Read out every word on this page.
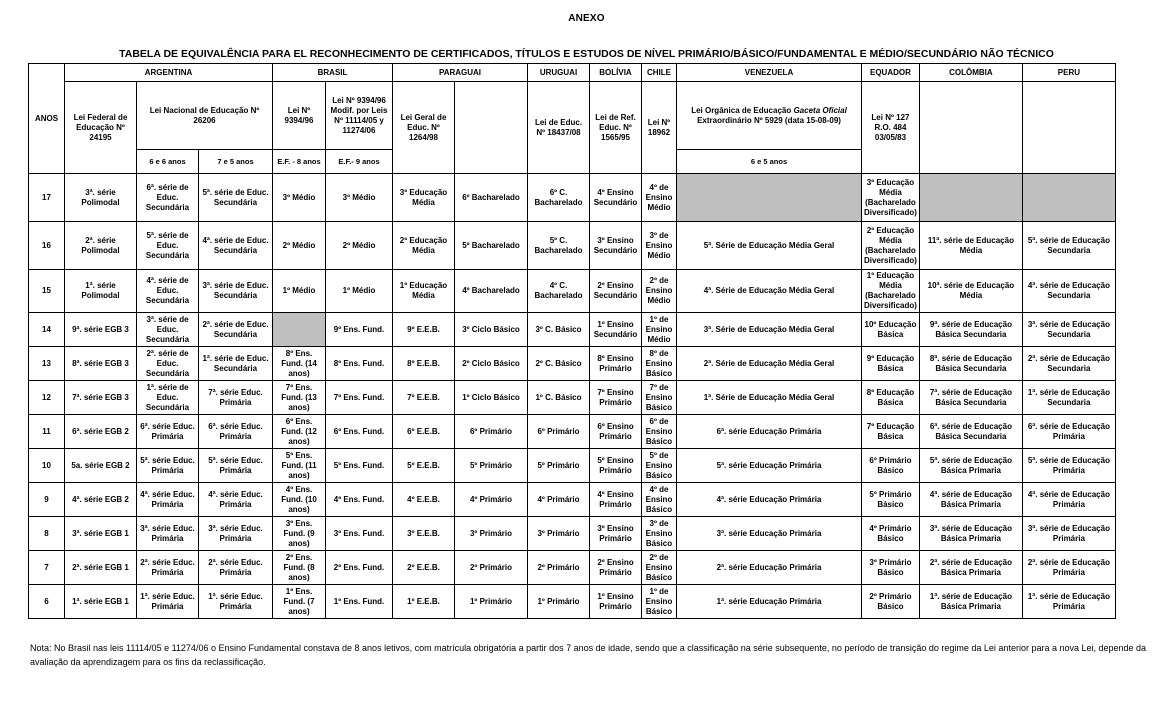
ANEXO
TABELA DE EQUIVALÊNCIA PARA EL RECONHECIMENTO DE CERTIFICADOS, TÍTULOS E ESTUDOS DE NÍVEL PRIMÁRIO/BÁSICO/FUNDAMENTAL E MÉDIO/SECUNDÁRIO NÃO TÉCNICO
ANOS	ARGENTINA			BRASIL		PARAGUAI		URUGUAI	BOLÍVIA	CHILE	VENEZUELA	EQUADOR	COLÔMBIA	PERU
	Lei Federal de Educação Nº 24195	Lei Nacional de Educação Nº 26206		Lei Nº 9394/96	Lei Nº 9394/96 Modif. por Leis Nº 11114/05 y 11274/06	Lei Geral de Educ. Nº 1264/98		Lei de Educ. Nº 18437/08	Lei de Ref. Educ. Nº 1565/95	Lei Nº 18962	Lei Orgânica de Educação Gaceta Oficial Extraordinário Nº 5929 (data 15-08-09)	Lei Nº 127 R.O. 484 03/05/83		
		6 e 6 anos	7 e 5 anos	E.F. - 8 anos	E.F.- 9 anos						6 e 5 anos			
17	3ª. série Polimodal	6ª. série de Educ. Secundária	5ª. série de Educ. Secundária	3º Médio	3º Médio	3º Educação Média	6º Bacharelado	6º C. Bacharelado	4º Ensino Secundário	4º de Ensino Médio		3º Educação Média (Bacharelado Diversificado)		
16	2ª. série Polimodal	5ª. série de Educ. Secundária	4ª. série de Educ. Secundária	2º Médio	2º Médio	2º Educação Média	5º Bacharelado	5º C. Bacharelado	3º Ensino Secundário	3º de Ensino Médio	5ª. Série de Educação Média Geral	2º Educação Média (Bacharelado Diversificado)	11ª. série de Educação Média	5ª. série de Educação Secundaria
15	1ª. série Polimodal	4ª. série de Educ. Secundária	3ª. série de Educ. Secundária	1º Médio	1º Médio	1º Educação Média	4º Bacharelado	4º C. Bacharelado	2º Ensino Secundário	2º de Ensino Médio	4ª. Série de Educação Média Geral	1º Educação Média (Bacharelado Diversificado)	10ª. série de Educação Média	4ª. série de Educação Secundaria
14	9ª. série EGB 3	3ª. série de Educ. Secundária	2ª. série de Educ. Secundária		9º Ens. Fund.	9º E.E.B.	3º Ciclo Básico	3º C. Básico	1º Ensino Secundário	1º de Ensino Médio	3ª. Série de Educação Média Geral	10º Educação Básica	9ª. série de Educação Básica Secundaria	3ª. série de Educação Secundaria
13	8ª. série EGB 3	2ª. série de Educ. Secundária	1ª. série de Educ. Secundária	8º Ens. Fund. (14 anos)	8º Ens. Fund.	8º E.E.B.	2º Ciclo Básico	2º C. Básico	8º Ensino Primário	8º de Ensino Básico	2ª. Série de Educação Média Geral	9º Educação Básica	8ª. série de Educação Básica Secundaria	2ª. série de Educação Secundaria
12	7ª. série EGB 3	1ª. série de Educ. Secundária	7ª. série Educ. Primária	7º Ens. Fund. (13 anos)	7º Ens. Fund.	7º E.E.B.	1º Ciclo Básico	1º C. Básico	7º Ensino Primário	7º de Ensino Básico	1ª. Série de Educação Média Geral	8º Educação Básica	7ª. série de Educação Básica Secundaria	1ª. série de Educação Secundaria
11	6ª. série EGB 2	6ª. série Educ. Primária	6ª. série Educ. Primária	6º Ens. Fund. (12 anos)	6º Ens. Fund.	6º E.E.B.	6º Primário	6º Primário	6º Ensino Primário	6º de Ensino Básico	6ª. série Educação Primária	7º Educação Básica	6ª. série de Educação Básica Secundaria	6ª. série de Educação Primária
10	5a. série EGB 2	5ª. série Educ. Primária	5ª. série Educ. Primária	5º Ens. Fund. (11 anos)	5º Ens. Fund.	5º E.E.B.	5º Primário	5º Primário	5º Ensino Primário	5º de Ensino Básico	5ª. série Educação Primária	6º Primário Básico	5ª. série de Educação Básica Primaria	5ª. série de Educação Primária
9	4ª. série EGB 2	4ª. série Educ. Primária	4ª. série Educ. Primária	4º Ens. Fund. (10 anos)	4º Ens. Fund.	4º E.E.B.	4º Primário	4º Primário	4º Ensino Primário	4º de Ensino Básico	4ª. série Educação Primária	5º Primário Básico	4ª. série de Educação Básica Primaria	4ª. série de Educação Primária
8	3ª. série EGB 1	3ª. série Educ. Primária	3ª. série Educ. Primária	3º Ens. Fund. (9 anos)	3º Ens. Fund.	3º E.E.B.	3º Primário	3º Primário	3º Ensino Primário	3º de Ensino Básico	3ª. série Educação Primária	4º Primário Básico	3ª. série de Educação Básica Primaria	3ª. série de Educação Primária
7	2ª. série EGB 1	2ª. série Educ. Primária	2ª. série Educ. Primária	2º Ens. Fund. (8 anos)	2º Ens. Fund.	2º E.E.B.	2º Primário	2º Primário	2º Ensino Primário	2º de Ensino Básico	2ª. série Educação Primária	3º Primário Básico	2ª. série de Educação Básica Primaria	2ª. série de Educação Primária
6	1ª. série EGB 1	1ª. série Educ. Primária	1ª. série Educ. Primária	1º Ens. Fund. (7 anos)	1º Ens. Fund.	1º E.E.B.	1º Primário	1º Primário	1º Ensino Primário	1º de Ensino Básico	1ª. série Educação Primária	2º Primário Básico	1ª. série de Educação Básica Primaria	1ª. série de Educação Primária
Nota: No Brasil nas leis 11114/05 e 11274/06 o Ensino Fundamental constava de 8 anos letivos, com matrícula obrigatória a partir dos 7 anos de idade, sendo que a classificação na série subsequente, no período de transição do regime da Lei anterior para a nova Lei, depende da avaliação da aprendizagem para os fins da reclassificação.
